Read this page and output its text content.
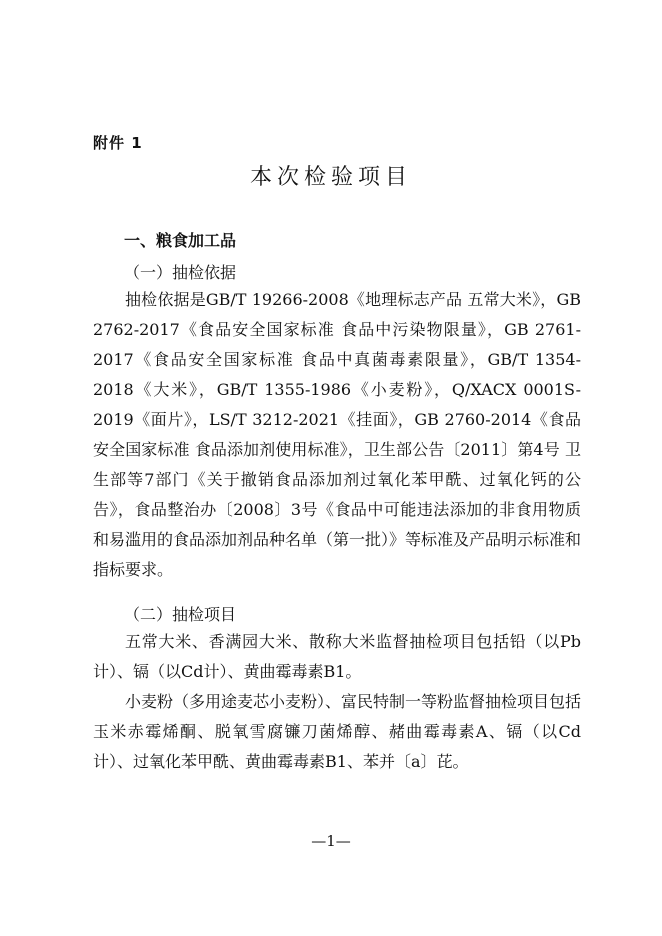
附件 1
本次检验项目
一、粮食加工品
（一）抽检依据

抽检依据是GB/T 19266-2008《地理标志产品 五常大米》，GB 2762-2017《食品安全国家标准 食品中污染物限量》，GB 2761-2017《食品安全国家标准 食品中真菌毒素限量》，GB/T 1354-2018《大米》，GB/T 1355-1986《小麦粉》，Q/XACX 0001S-2019《面片》，LS/T 3212-2021《挂面》，GB 2760-2014《食品安全国家标准 食品添加剂使用标准》，卫生部公告〔2011〕第4号 卫生部等7部门《关于撤销食品添加剂过氧化苯甲酰、过氧化钙的公告》，食品整治办〔2008〕3号《食品中可能违法添加的非食用物质和易滥用的食品添加剂品种名单（第一批）》等标准及产品明示标准和指标要求。

（二）抽检项目

五常大米、香满园大米、散称大米监督抽检项目包括铅（以Pb计）、镉（以Cd计）、黄曲霉毒素B1。

小麦粉（多用途麦芯小麦粉）、富民特制一等粉监督抽检项目包括玉米赤霉烯酮、脱氧雪腐镰刀菌烯醇、赭曲霉毒素A、镉（以Cd计）、过氧化苯甲酰、黄曲霉毒素B1、苯并〔a〕芘。

—1—
